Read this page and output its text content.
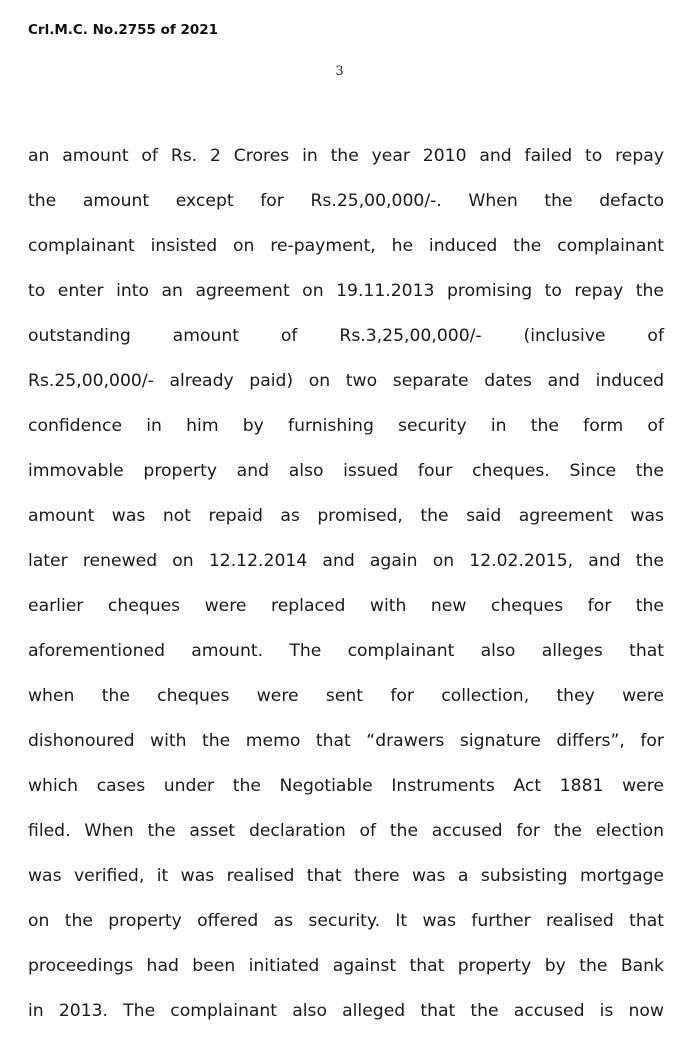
Crl.M.C. No.2755 of 2021
3
an amount of Rs. 2 Crores in the year 2010 and failed to repay
the amount except for Rs.25,00,000/-. When the defacto
complainant insisted on re-payment, he induced the complainant
to enter into an agreement on 19.11.2013 promising to repay the
outstanding amount of Rs.3,25,00,000/- (inclusive of
Rs.25,00,000/- already paid) on two separate dates and induced
confidence in him by furnishing security in the form of
immovable property and also issued four cheques. Since the
amount was not repaid as promised, the said agreement was
later renewed on 12.12.2014 and again on 12.02.2015, and the
earlier cheques were replaced with new cheques for the
aforementioned amount. The complainant also alleges that
when the cheques were sent for collection, they were
dishonoured with the memo that “drawers signature differs”, for
which cases under the Negotiable Instruments Act 1881 were
filed. When the asset declaration of the accused for the election
was verified, it was realised that there was a subsisting mortgage
on the property offered as security. It was further realised that
proceedings had been initiated against that property by the Bank
in 2013. The complainant also alleged that the accused is now
